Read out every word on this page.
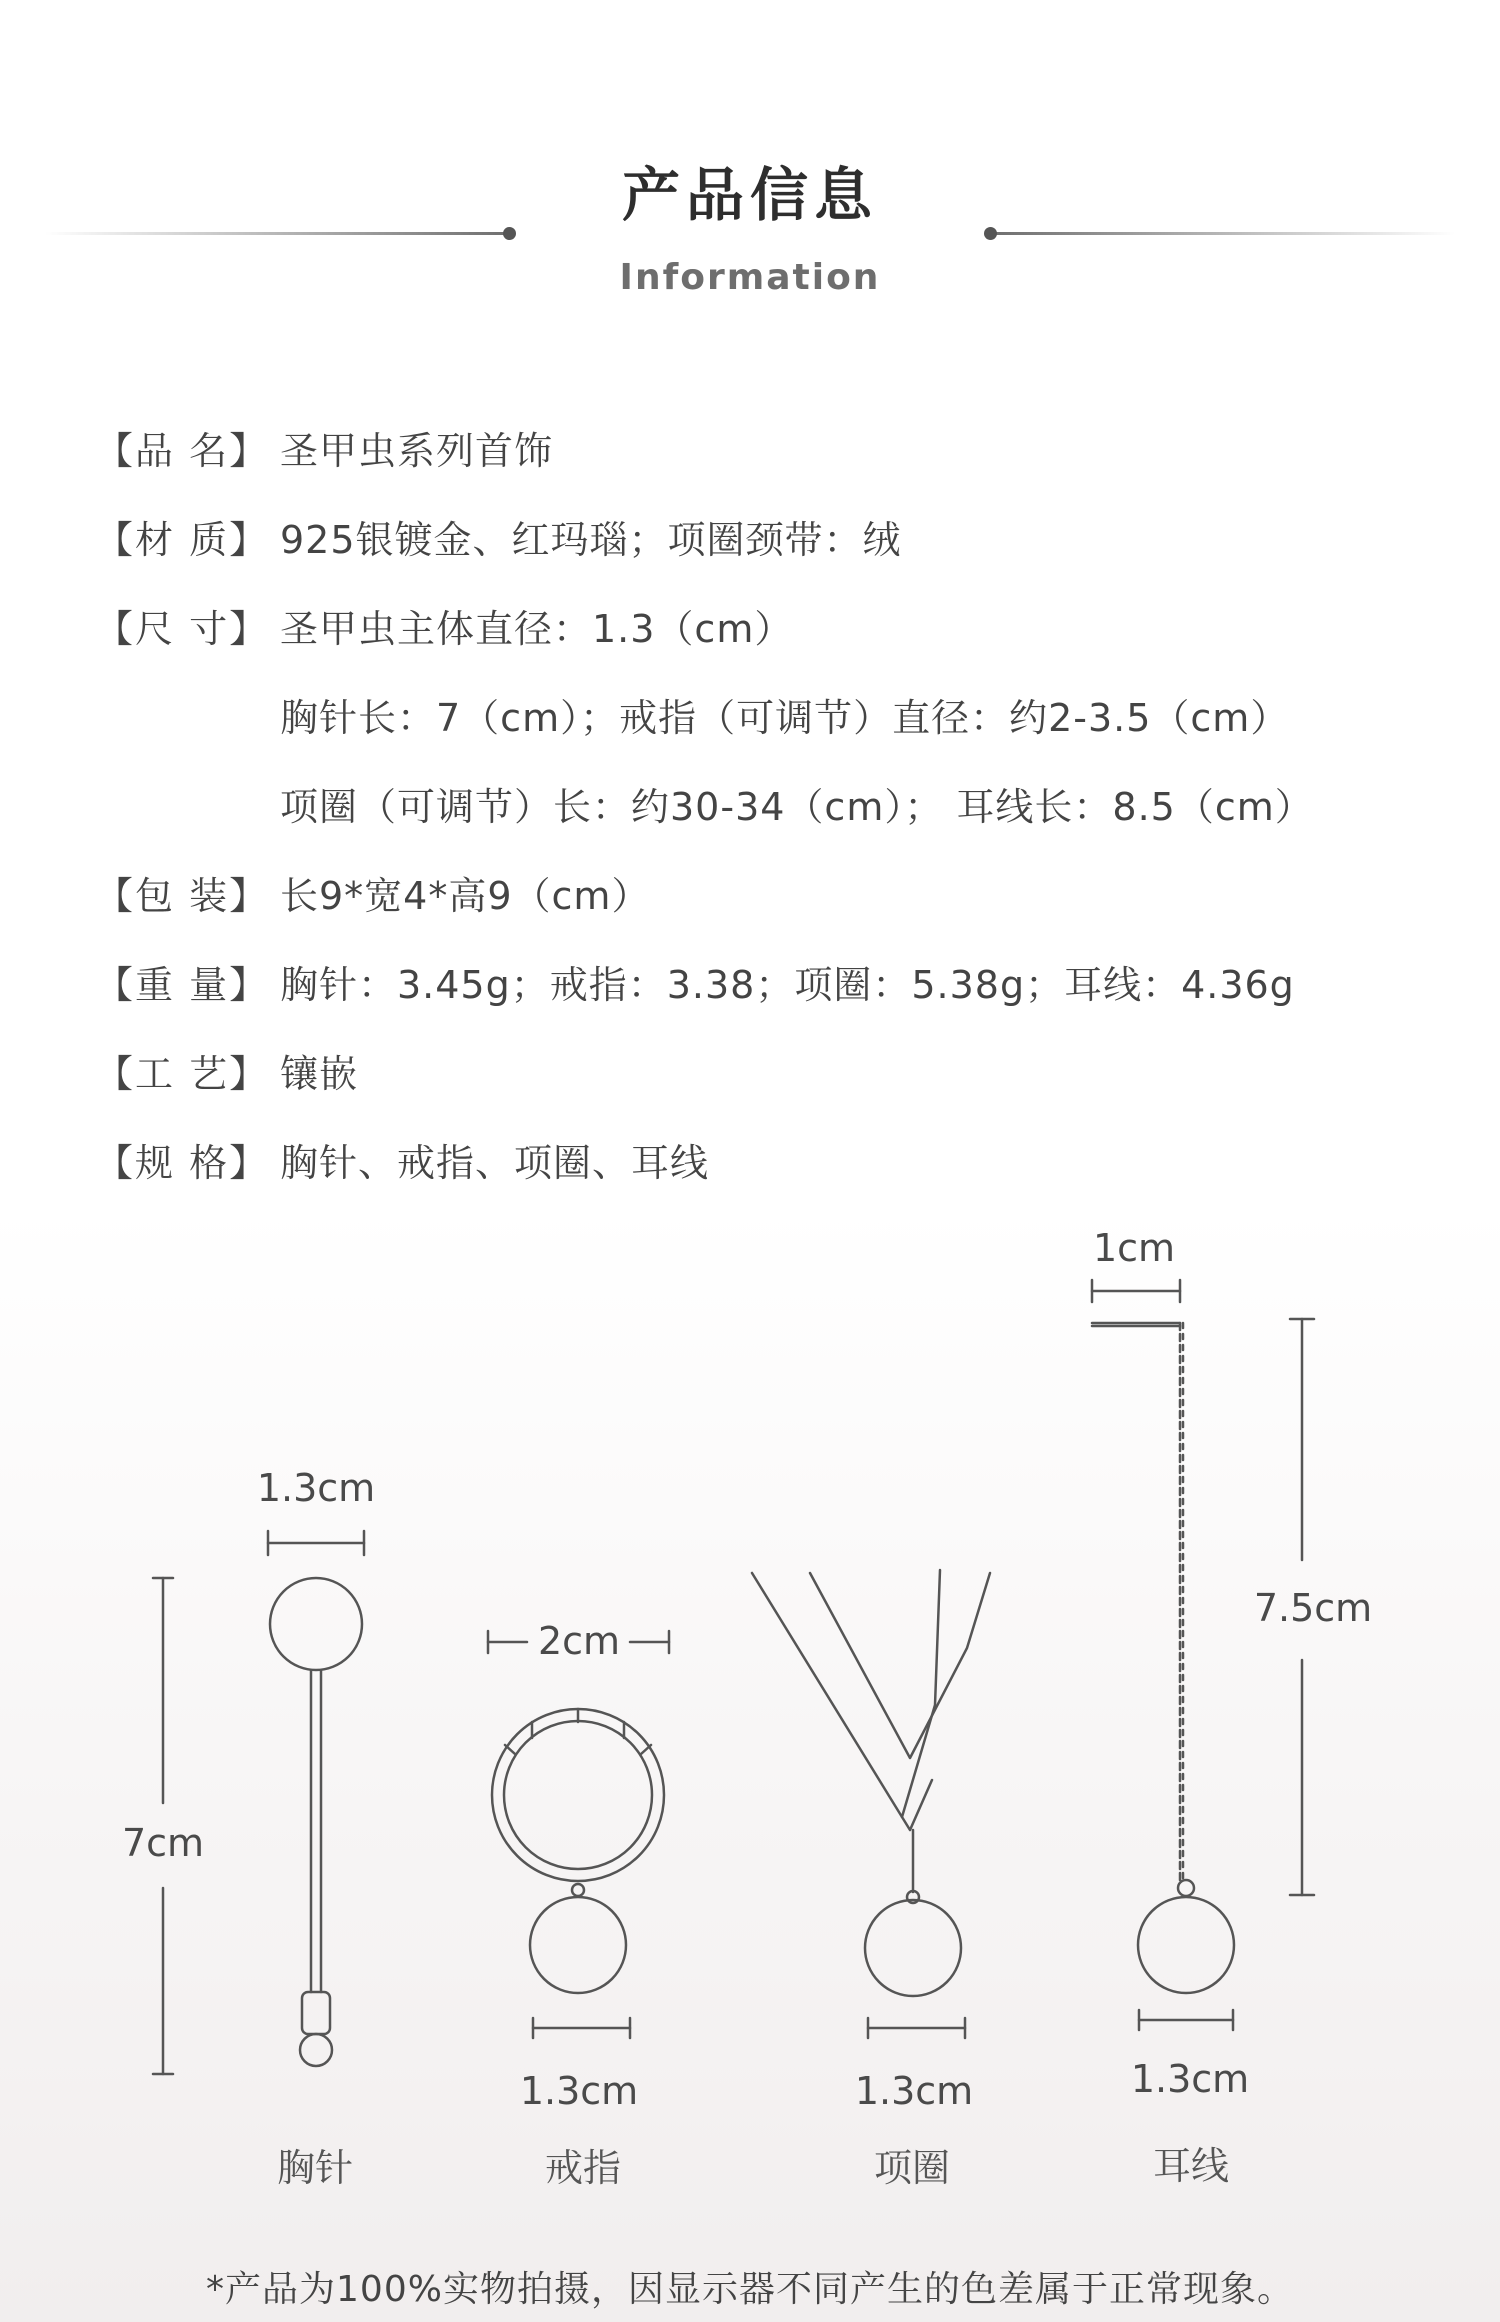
产品信息
Information
【品 名】 圣甲虫系列首饰
【材 质】 925银镀金、红玛瑙；项圈颈带：绒
【尺 寸】 圣甲虫主体直径：1.3（cm）
胸针长：7（cm）；戒指（可调节）直径：约2-3.5（cm）
项圈（可调节）长：约30-34（cm）； 耳线长：8.5（cm）
【包 装】 长9*宽4*高9（cm）
【重 量】 胸针：3.45g；戒指：3.38；项圈：5.38g；耳线：4.36g
【工 艺】 镶嵌
【规 格】 胸针、戒指、项圈、耳线
1.3cm
7cm
胸针
2cm
1.3cm
戒指
1.3cm
项圈
1cm
7.5cm
1.3cm
耳线
*产品为100%实物拍摄，因显示器不同产生的色差属于正常现象。
